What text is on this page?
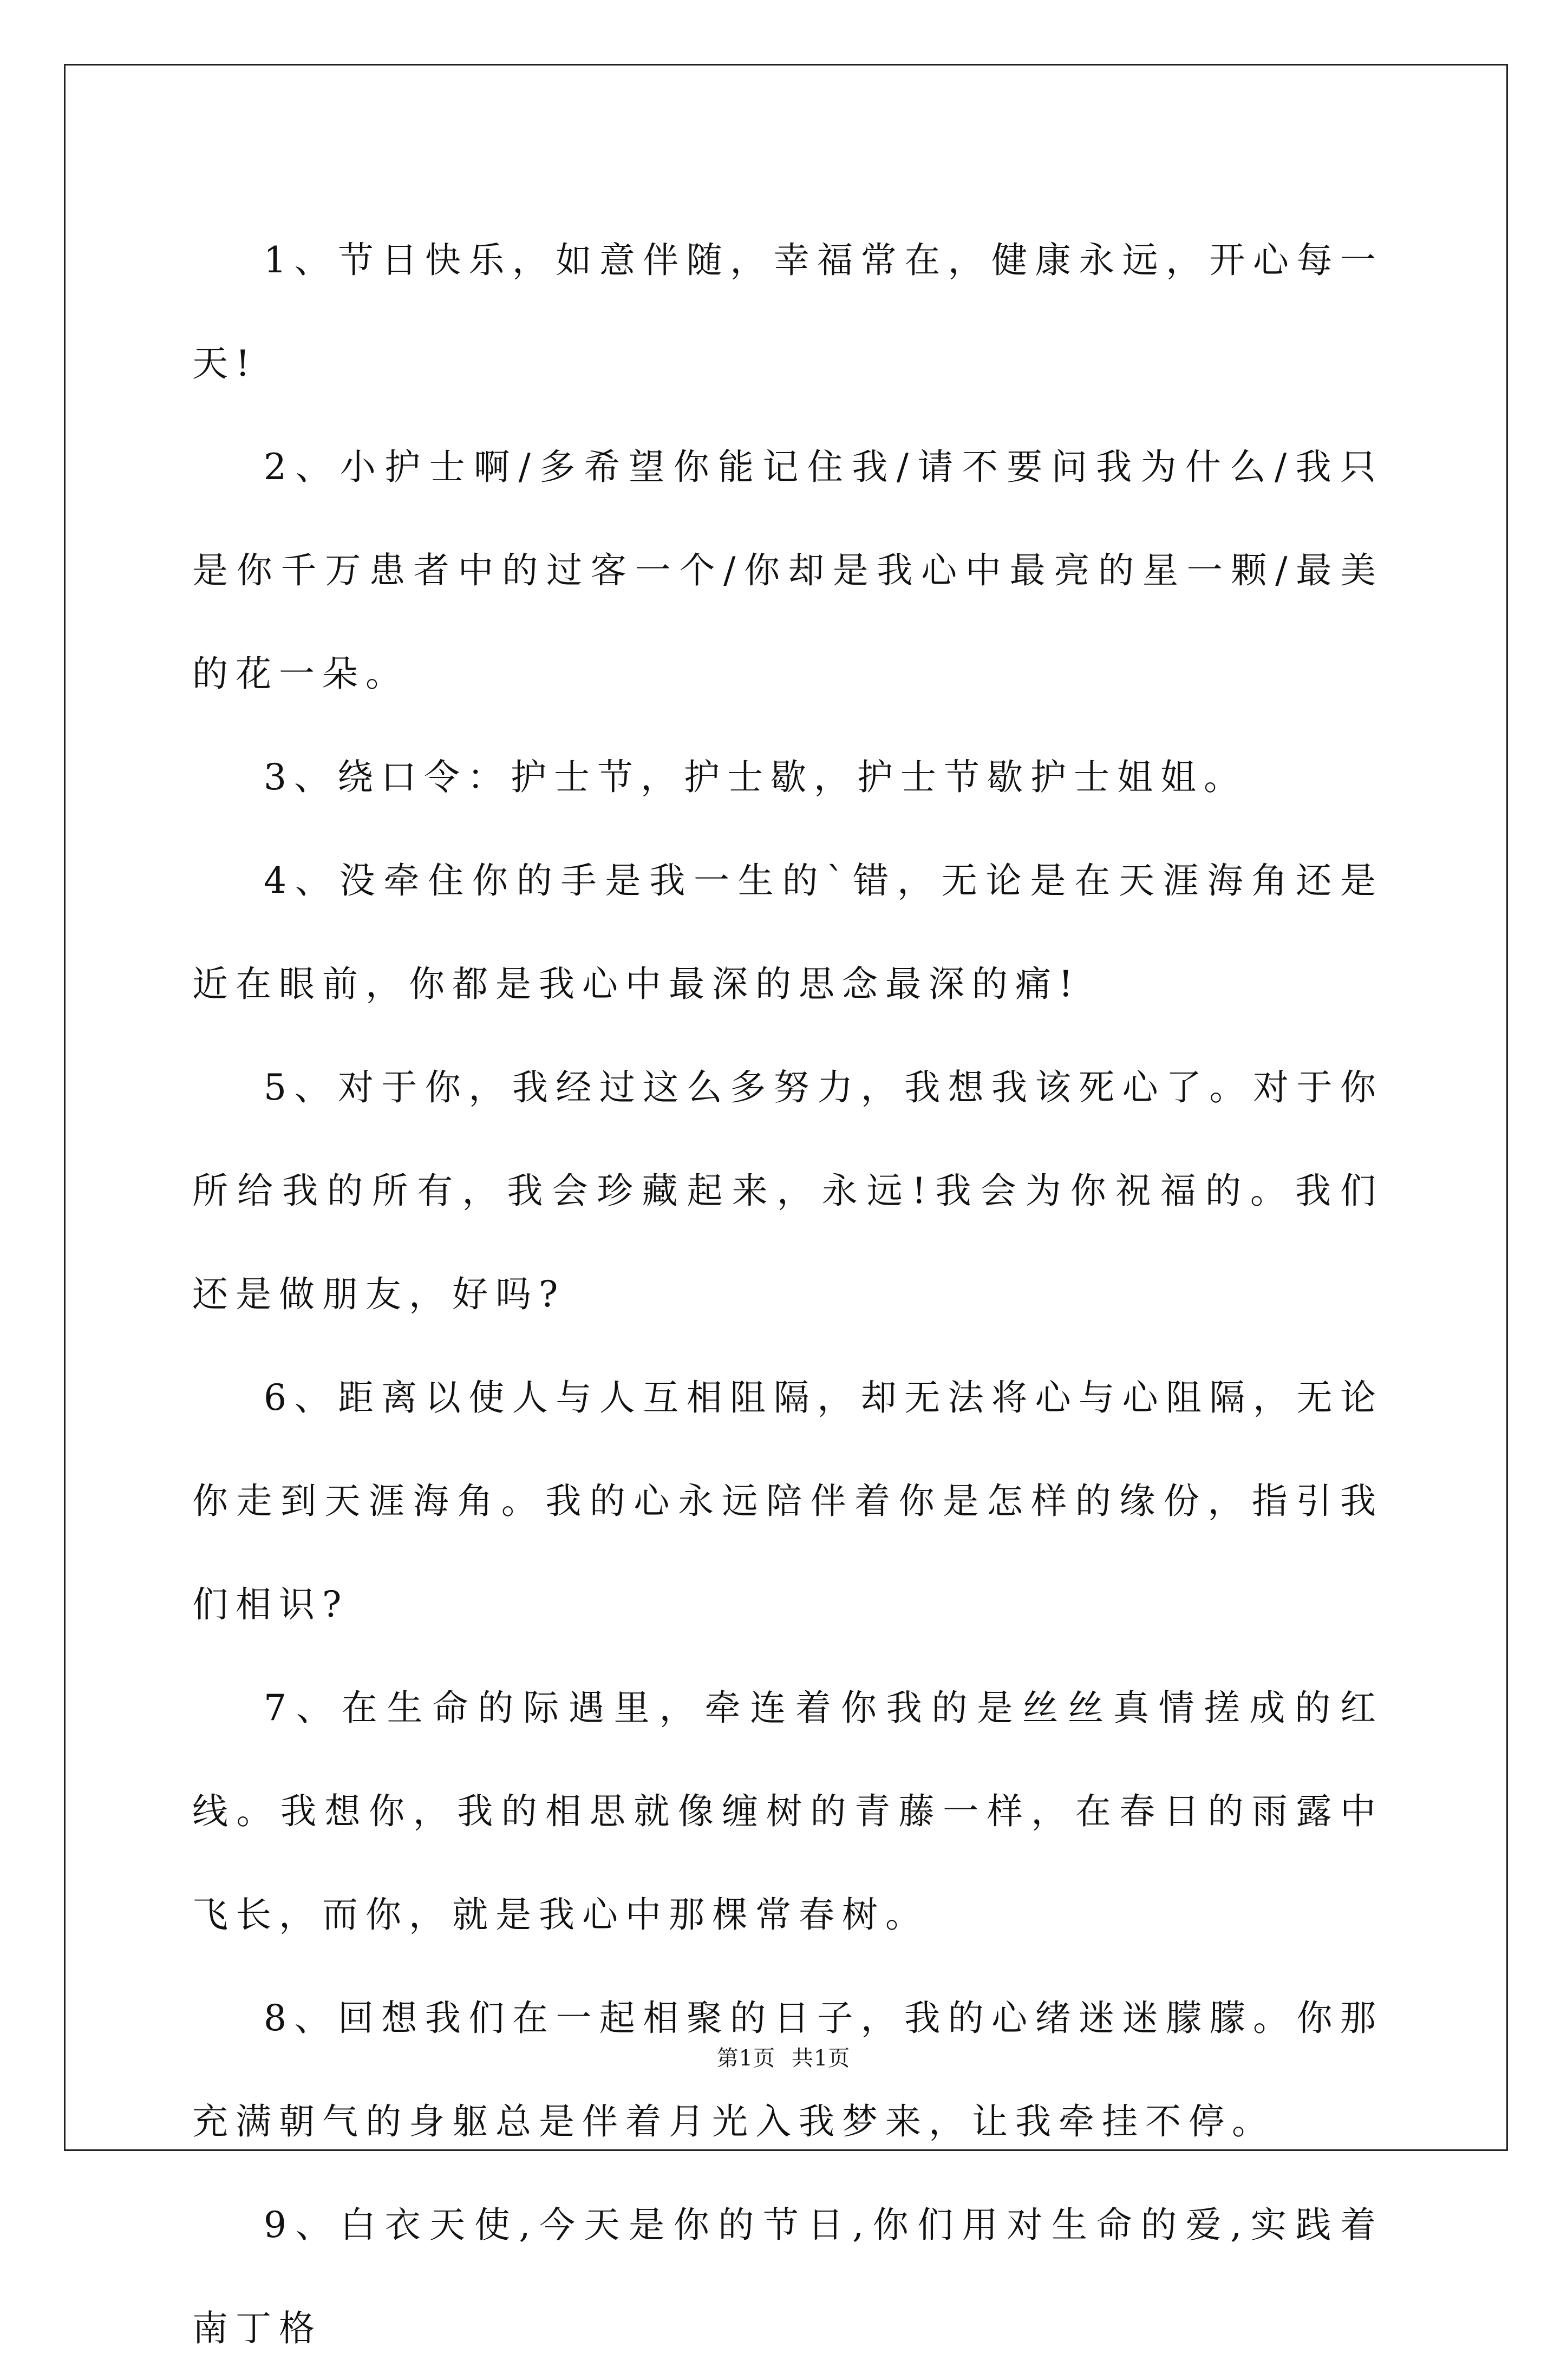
1、节日快乐，如意伴随，幸福常在，健康永远，开心每一天!

2、小护士啊/多希望你能记住我/请不要问我为什么/我只是你千万患者中的过客一个/你却是我心中最亮的星一颗/最美的花一朵。

3、绕口令：护士节，护士歇，护士节歇护士姐姐。

4、没牵住你的手是我一生的`错，无论是在天涯海角还是近在眼前，你都是我心中最深的思念最深的痛!

5、对于你，我经过这么多努力，我想我该死心了。对于你所给我的所有，我会珍藏起来，永远!我会为你祝福的。我们还是做朋友，好吗?

6、距离以使人与人互相阻隔，却无法将心与心阻隔，无论你走到天涯海角。我的心永远陪伴着你是怎样的缘份，指引我们相识?

7、在生命的际遇里，牵连着你我的是丝丝真情搓成的红线。我想你，我的相思就像缠树的青藤一样，在春日的雨露中飞长，而你，就是我心中那棵常春树。

8、回想我们在一起相聚的日子，我的心绪迷迷朦朦。你那充满朝气的身躯总是伴着月光入我梦来，让我牵挂不停。

9、白衣天使,今天是你的节日,你们用对生命的爱,实践着南丁格

第1页 共1页
